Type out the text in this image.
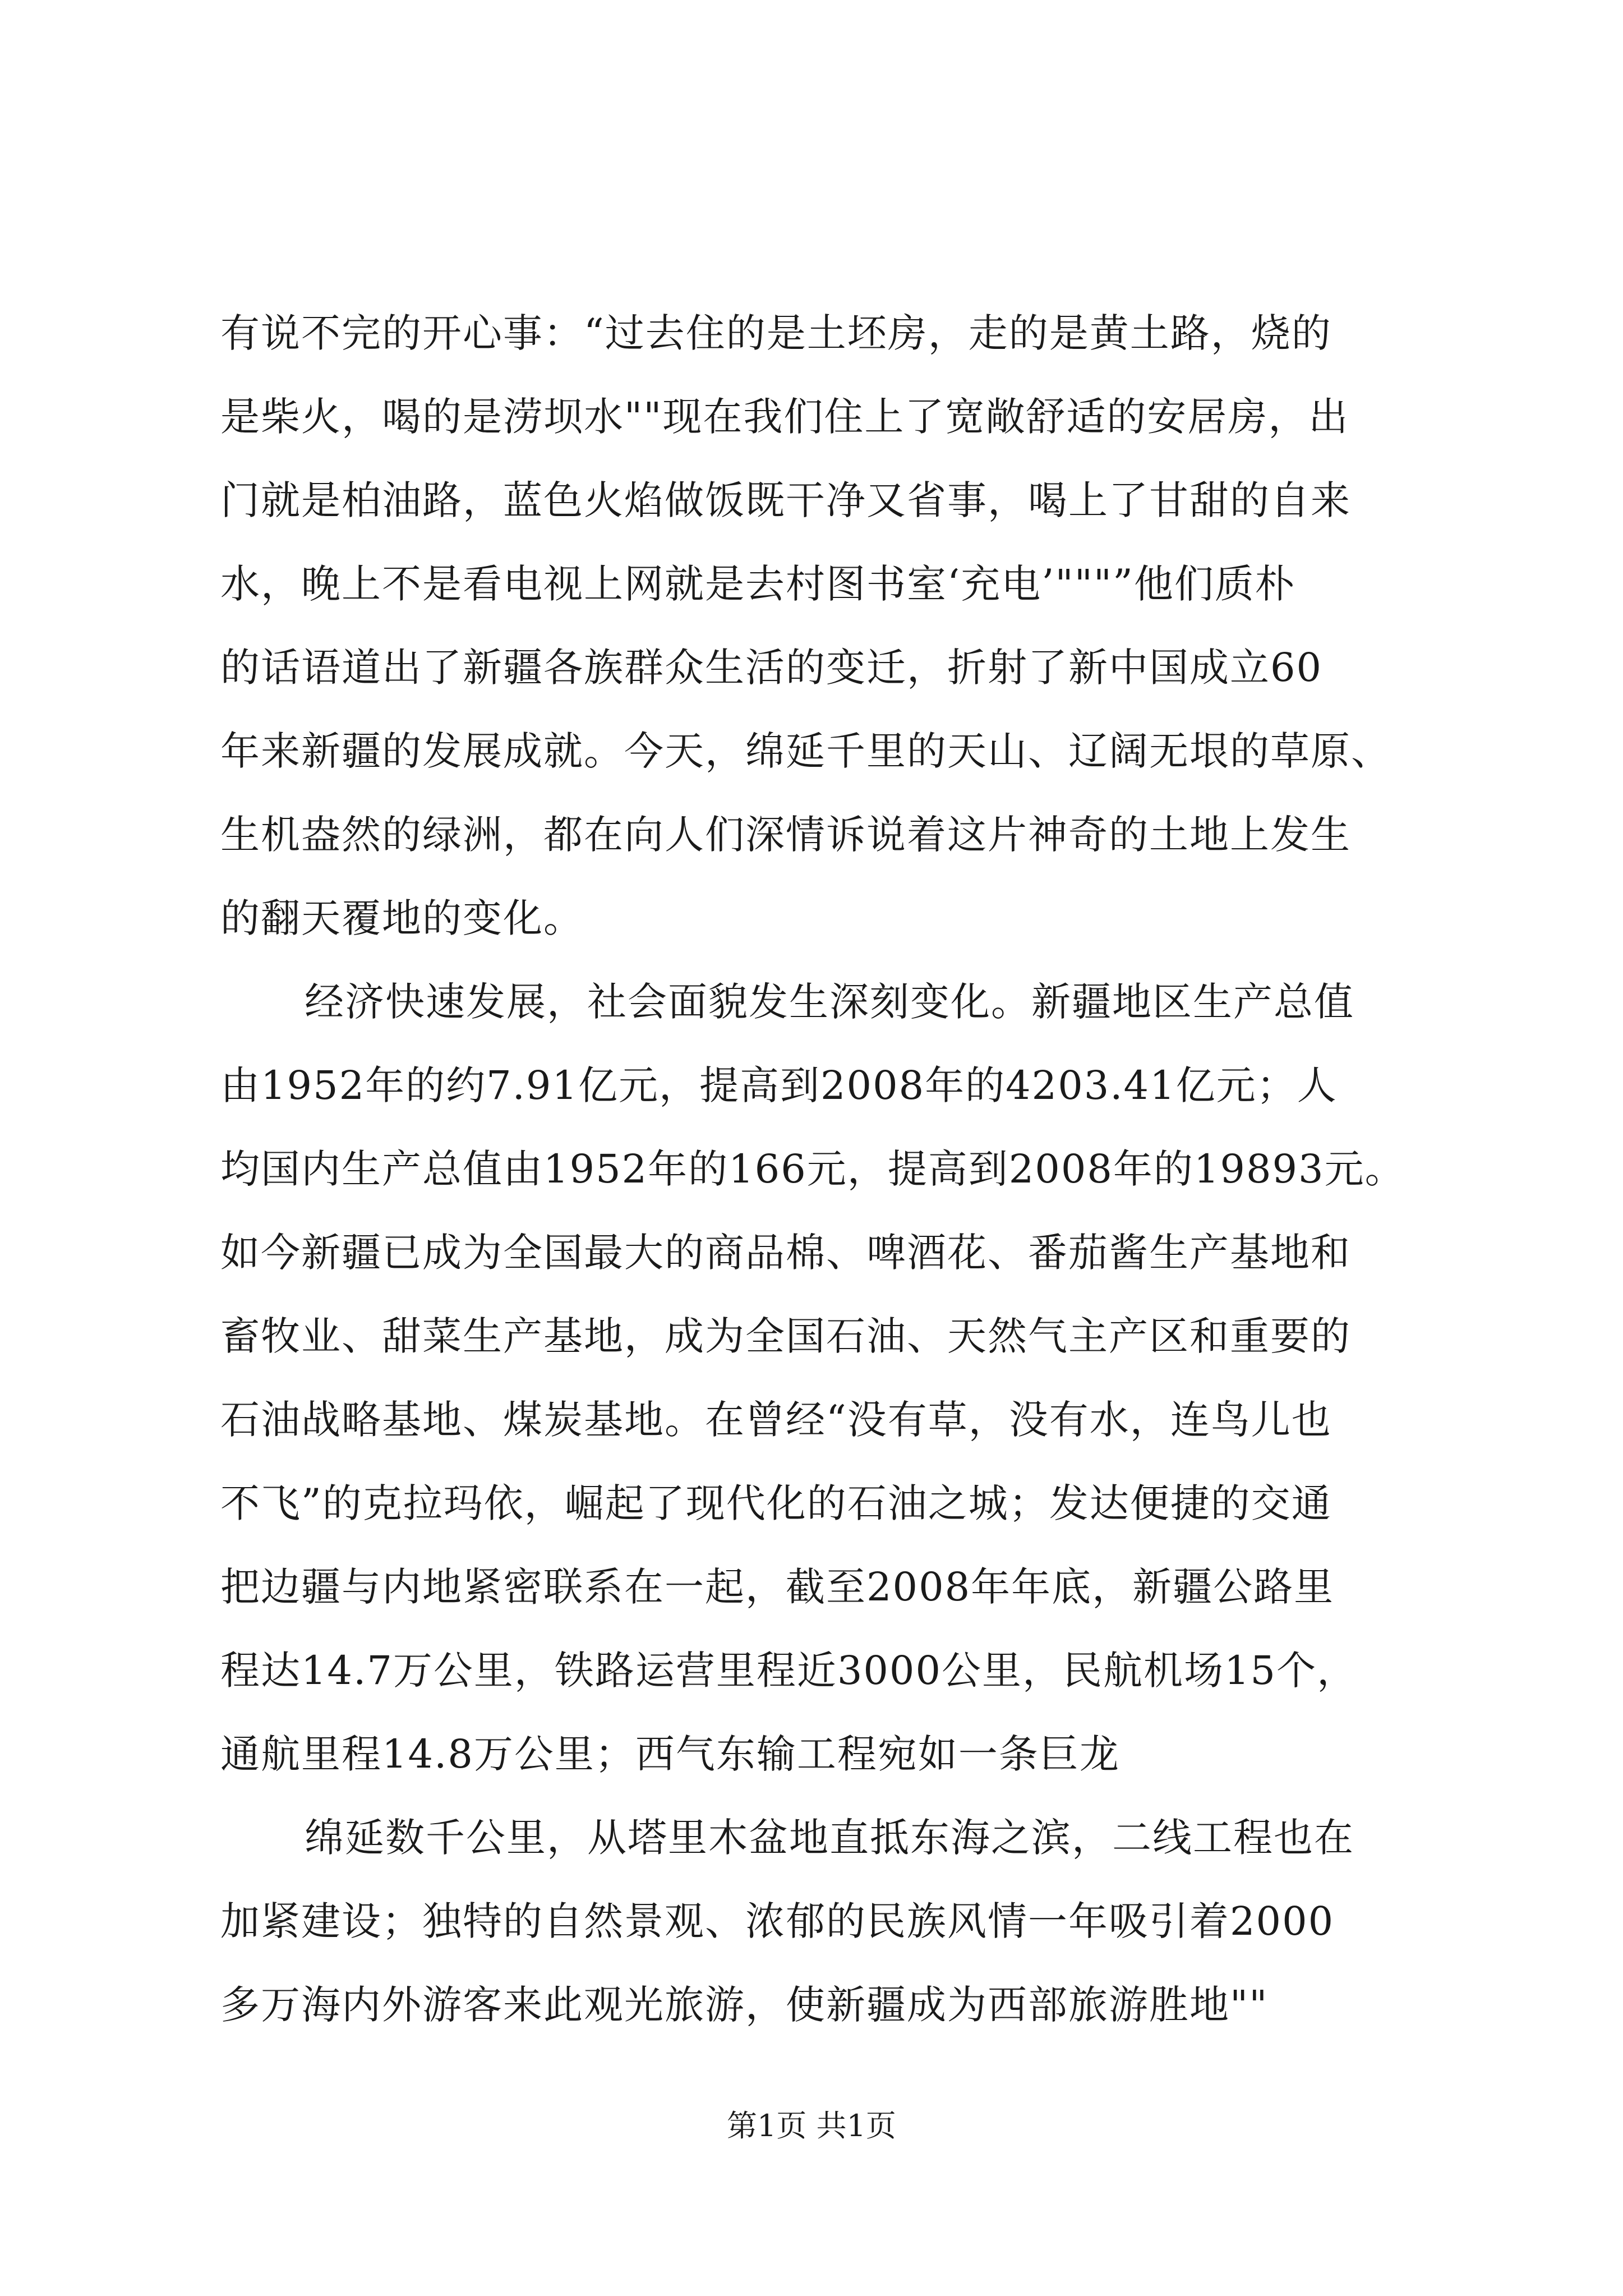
有说不完的开心事：“过去住的是土坯房，走的是黄土路，烧的
是柴火，喝的是涝坝水""现在我们住上了宽敞舒适的安居房，出
门就是柏油路，蓝色火焰做饭既干净又省事，喝上了甘甜的自来
水，晚上不是看电视上网就是去村图书室‘充电’"""”他们质朴
的话语道出了新疆各族群众生活的变迁，折射了新中国成立60
年来新疆的发展成就。今天，绵延千里的天山、辽阔无垠的草原、
生机盎然的绿洲，都在向人们深情诉说着这片神奇的土地上发生
的翻天覆地的变化。
经济快速发展，社会面貌发生深刻变化。新疆地区生产总值
由1952年的约7.91亿元，提高到2008年的4203.41亿元；人
均国内生产总值由1952年的166元，提高到2008年的19893元。
如今新疆已成为全国最大的商品棉、啤酒花、番茄酱生产基地和
畜牧业、甜菜生产基地，成为全国石油、天然气主产区和重要的
石油战略基地、煤炭基地。在曾经“没有草，没有水，连鸟儿也
不飞”的克拉玛依，崛起了现代化的石油之城；发达便捷的交通
把边疆与内地紧密联系在一起，截至2008年年底，新疆公路里
程达14.7万公里，铁路运营里程近3000公里，民航机场15个，
通航里程14.8万公里；西气东输工程宛如一条巨龙
绵延数千公里，从塔里木盆地直抵东海之滨，二线工程也在
加紧建设；独特的自然景观、浓郁的民族风情一年吸引着2000
多万海内外游客来此观光旅游，使新疆成为西部旅游胜地""
第1页 共1页
